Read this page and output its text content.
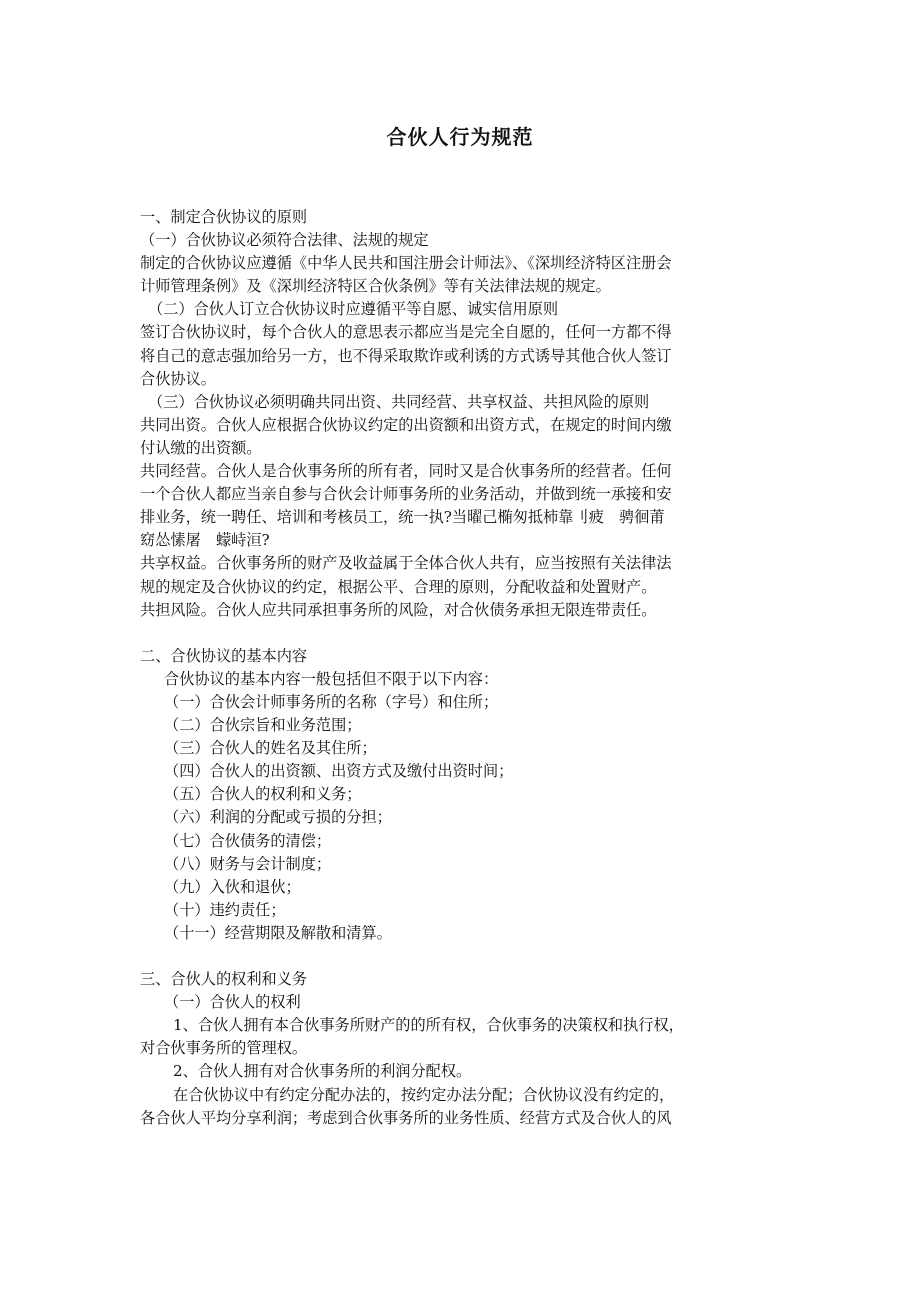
合伙人行为规范
一、制定合伙协议的原则
（一）合伙协议必须符合法律、法规的规定
制定的合伙协议应遵循《中华人民共和国注册会计师法》、《深圳经济特区注册会
计师管理条例》及《深圳经济特区合伙条例》等有关法律法规的规定。
（二）合伙人订立合伙协议时应遵循平等自愿、诚实信用原则
签订合伙协议时，每个合伙人的意思表示都应当是完全自愿的，任何一方都不得
将自己的意志强加给另一方，也不得采取欺诈或利诱的方式诱导其他合伙人签订
合伙协议。
（三）合伙协议必须明确共同出资、共同经营、共享权益、共担风险的原则
共同出资。合伙人应根据合伙协议约定的出资额和出资方式，在规定的时间内缴
付认缴的出资额。
共同经营。合伙人是合伙事务所的所有者，同时又是合伙事务所的经营者。任何
一个合伙人都应当亲自参与合伙会计师事务所的业务活动，并做到统一承接和安
排业务，统一聘任、培训和考核员工，统一执?当曜己椭匆抵柿靠刂疲　骋徊莆
窈怂愫屠　蠓峙洹?
共享权益。合伙事务所的财产及收益属于全体合伙人共有，应当按照有关法律法
规的规定及合伙协议的约定，根据公平、合理的原则，分配收益和处置财产。
共担风险。合伙人应共同承担事务所的风险，对合伙债务承担无限连带责任。
二、合伙协议的基本内容
合伙协议的基本内容一般包括但不限于以下内容：
（一）合伙会计师事务所的名称（字号）和住所；
（二）合伙宗旨和业务范围；
（三）合伙人的姓名及其住所；
（四）合伙人的出资额、出资方式及缴付出资时间；
（五）合伙人的权利和义务；
（六）利润的分配或亏损的分担；
（七）合伙债务的清偿；
（八）财务与会计制度；
（九）入伙和退伙；
（十）违约责任；
（十一）经营期限及解散和清算。
三、合伙人的权利和义务
（一）合伙人的权利
1、合伙人拥有本合伙事务所财产的的所有权，合伙事务的决策权和执行权，
对合伙事务所的管理权。
2、合伙人拥有对合伙事务所的利润分配权。
在合伙协议中有约定分配办法的，按约定办法分配；合伙协议没有约定的，
各合伙人平均分享利润；考虑到合伙事务所的业务性质、经营方式及合伙人的风
